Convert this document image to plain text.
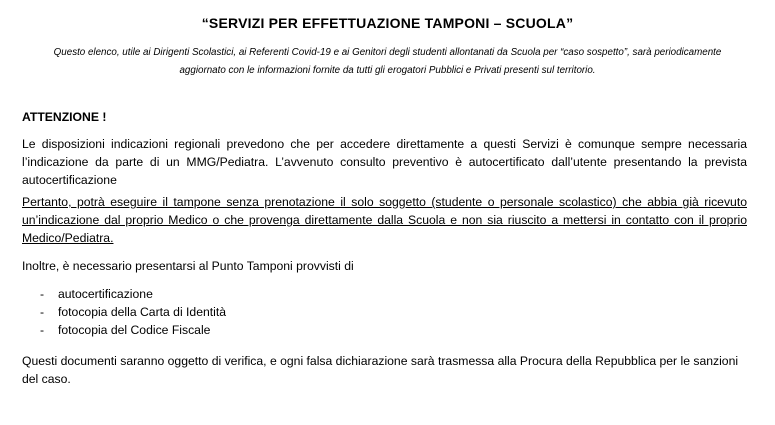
“SERVIZI PER EFFETTUAZIONE TAMPONI – SCUOLA”

Questo elenco, utile ai Dirigenti Scolastici, ai Referenti Covid-19 e ai Genitori degli studenti allontanati da Scuola per “caso sospetto”, sarà periodicamente aggiornato con le informazioni fornite da tutti gli erogatori Pubblici e Privati presenti sul territorio.

ATTENZIONE !

Le disposizioni indicazioni regionali prevedono che per accedere direttamente a questi Servizi è comunque sempre necessaria l’indicazione da parte di un MMG/Pediatra. L’avvenuto consulto preventivo è autocertificato dall’utente presentando la prevista autocertificazione

Pertanto, potrà eseguire il tampone senza prenotazione il solo soggetto (studente o personale scolastico) che abbia già ricevuto un’indicazione dal proprio Medico o che provenga direttamente dalla Scuola e non sia riuscito a mettersi in contatto con il proprio Medico/Pediatra.

Inoltre, è necessario presentarsi al Punto Tamponi provvisti di

- autocertificazione
- fotocopia della Carta di Identità
- fotocopia del Codice Fiscale

Questi documenti saranno oggetto di verifica, e ogni falsa dichiarazione sarà trasmessa alla Procura della Repubblica per le sanzioni del caso.
